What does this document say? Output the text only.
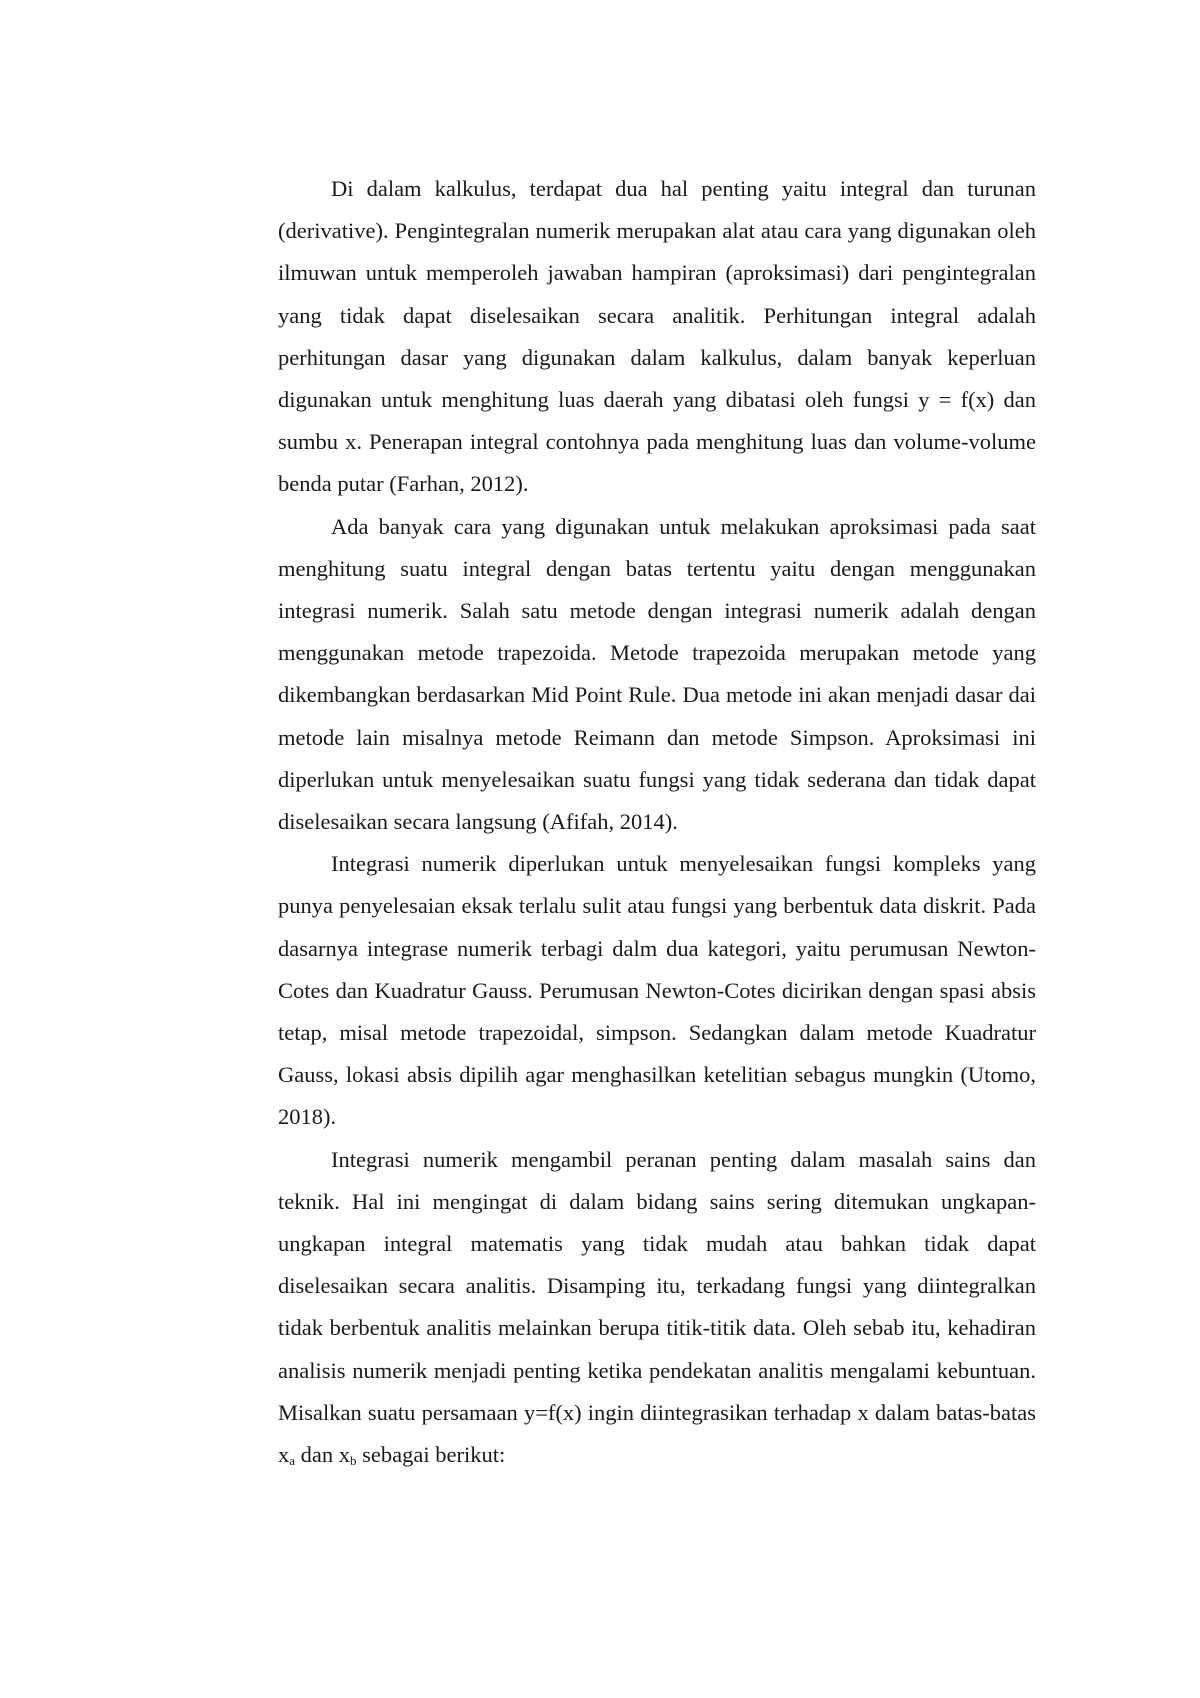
Di dalam kalkulus, terdapat dua hal penting yaitu integral dan turunan (derivative). Pengintegralan numerik merupakan alat atau cara yang digunakan oleh ilmuwan untuk memperoleh jawaban hampiran (aproksimasi) dari pengintegralan yang tidak dapat diselesaikan secara analitik. Perhitungan integral adalah perhitungan dasar yang digunakan dalam kalkulus, dalam banyak keperluan digunakan untuk menghitung luas daerah yang dibatasi oleh fungsi y = f(x) dan sumbu x. Penerapan integral contohnya pada menghitung luas dan volume-volume benda putar (Farhan, 2012).

Ada banyak cara yang digunakan untuk melakukan aproksimasi pada saat menghitung suatu integral dengan batas tertentu yaitu dengan menggunakan integrasi numerik. Salah satu metode dengan integrasi numerik adalah dengan menggunakan metode trapezoida. Metode trapezoida merupakan metode yang dikembangkan berdasarkan Mid Point Rule. Dua metode ini akan menjadi dasar dai metode lain misalnya metode Reimann dan metode Simpson. Aproksimasi ini diperlukan untuk menyelesaikan suatu fungsi yang tidak sederana dan tidak dapat diselesaikan secara langsung (Afifah, 2014).

Integrasi numerik diperlukan untuk menyelesaikan fungsi kompleks yang punya penyelesaian eksak terlalu sulit atau fungsi yang berbentuk data diskrit. Pada dasarnya integrase numerik terbagi dalm dua kategori, yaitu perumusan Newton-Cotes dan Kuadratur Gauss. Perumusan Newton-Cotes dicirikan dengan spasi absis tetap, misal metode trapezoidal, simpson. Sedangkan dalam metode Kuadratur Gauss, lokasi absis dipilih agar menghasilkan ketelitian sebagus mungkin (Utomo, 2018).

Integrasi numerik mengambil peranan penting dalam masalah sains dan teknik. Hal ini mengingat di dalam bidang sains sering ditemukan ungkapan-ungkapan integral matematis yang tidak mudah atau bahkan tidak dapat diselesaikan secara analitis. Disamping itu, terkadang fungsi yang diintegralkan tidak berbentuk analitis melainkan berupa titik-titik data. Oleh sebab itu, kehadiran analisis numerik menjadi penting ketika pendekatan analitis mengalami kebuntuan. Misalkan suatu persamaan y=f(x) ingin diintegrasikan terhadap x dalam batas-batas $x_a$ dan $x_b$ sebagai berikut:
